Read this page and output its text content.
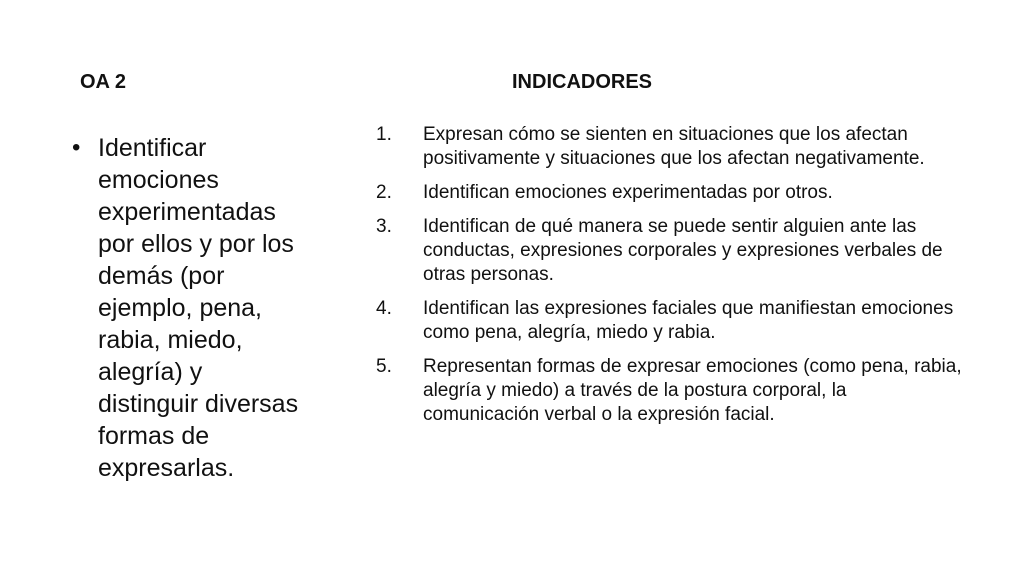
OA 2	INDICADORES
• Identificar emociones experimentadas por ellos y por los demás (por ejemplo, pena, rabia, miedo, alegría) y distinguir diversas formas de expresarlas.
1.	Expresan cómo se sienten en situaciones que los afectan positivamente y situaciones que los afectan negativamente.
2.	Identifican emociones experimentadas por otros.
3.	Identifican de qué manera se puede sentir alguien ante las conductas, expresiones corporales y expresiones verbales de otras personas.
4.	Identifican las expresiones faciales que manifiestan emociones como pena, alegría, miedo y rabia.
5.	Representan formas de expresar emociones (como pena, rabia, alegría y miedo) a través de la postura corporal, la comunicación verbal o la expresión facial.
